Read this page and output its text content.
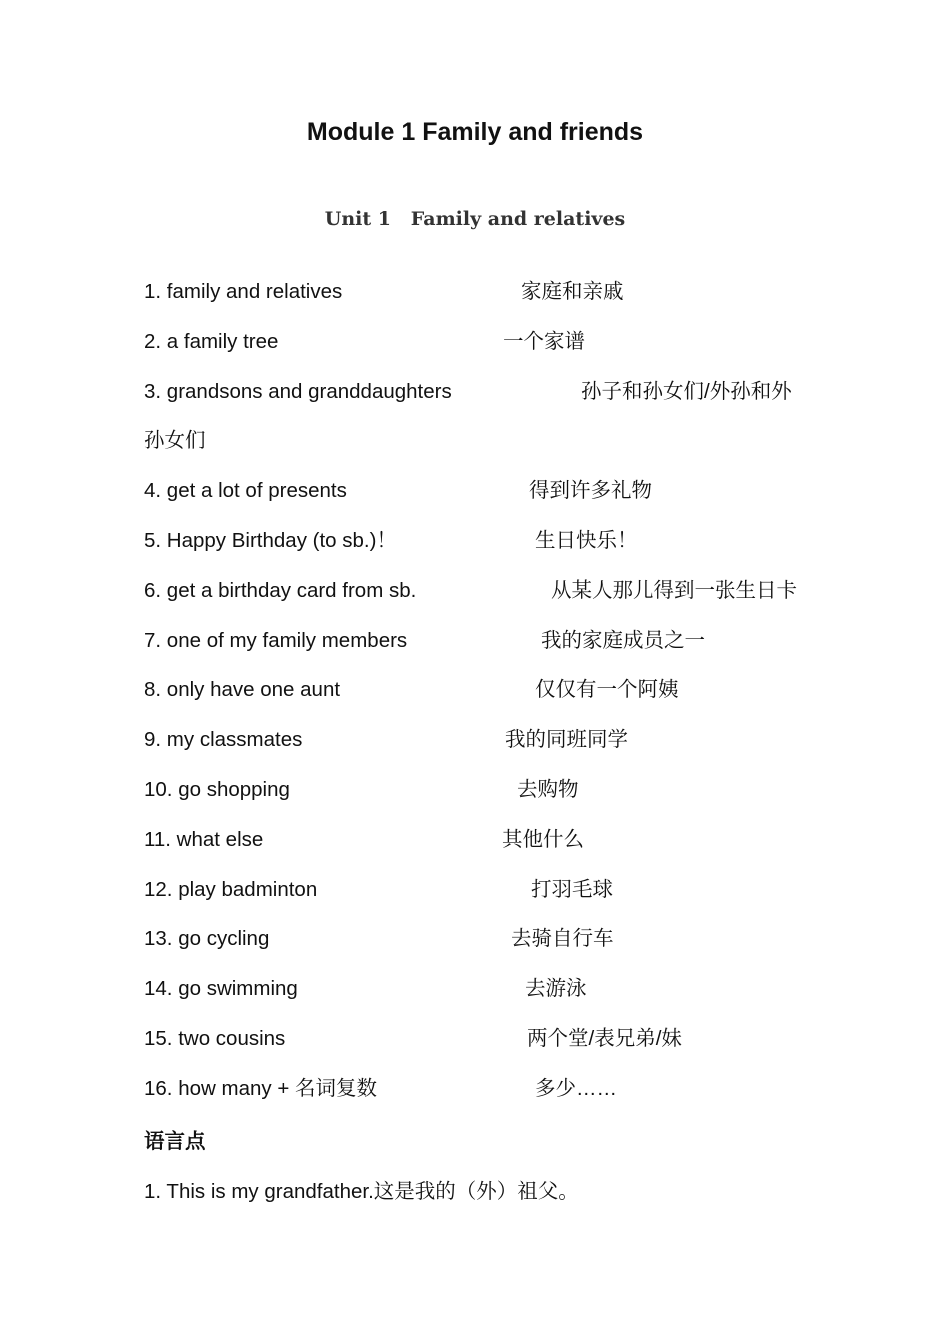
Module 1 Family and friends
Unit 1   Family and relatives
1. family and relatives	家庭和亲戚
2. a family tree	一个家谱
3. grandsons and granddaughters	孙子和孙女们/外孙和外
孙女们
4. get a lot of presents	得到许多礼物
5. Happy Birthday (to sb.)！	生日快乐！
6. get a birthday card from sb.	从某人那儿得到一张生日卡
7. one of my family members	我的家庭成员之一
8. only have one aunt	仅仅有一个阿姨
9. my classmates	我的同班同学
10. go shopping	去购物
11. what else	其他什么
12. play badminton	打羽毛球
13. go cycling	去骑自行车
14. go swimming	去游泳
15. two cousins	两个堂/表兄弟/妹
16. how many + 名词复数	多少……
语言点

1. This is my grandfather.这是我的（外）祖父。
